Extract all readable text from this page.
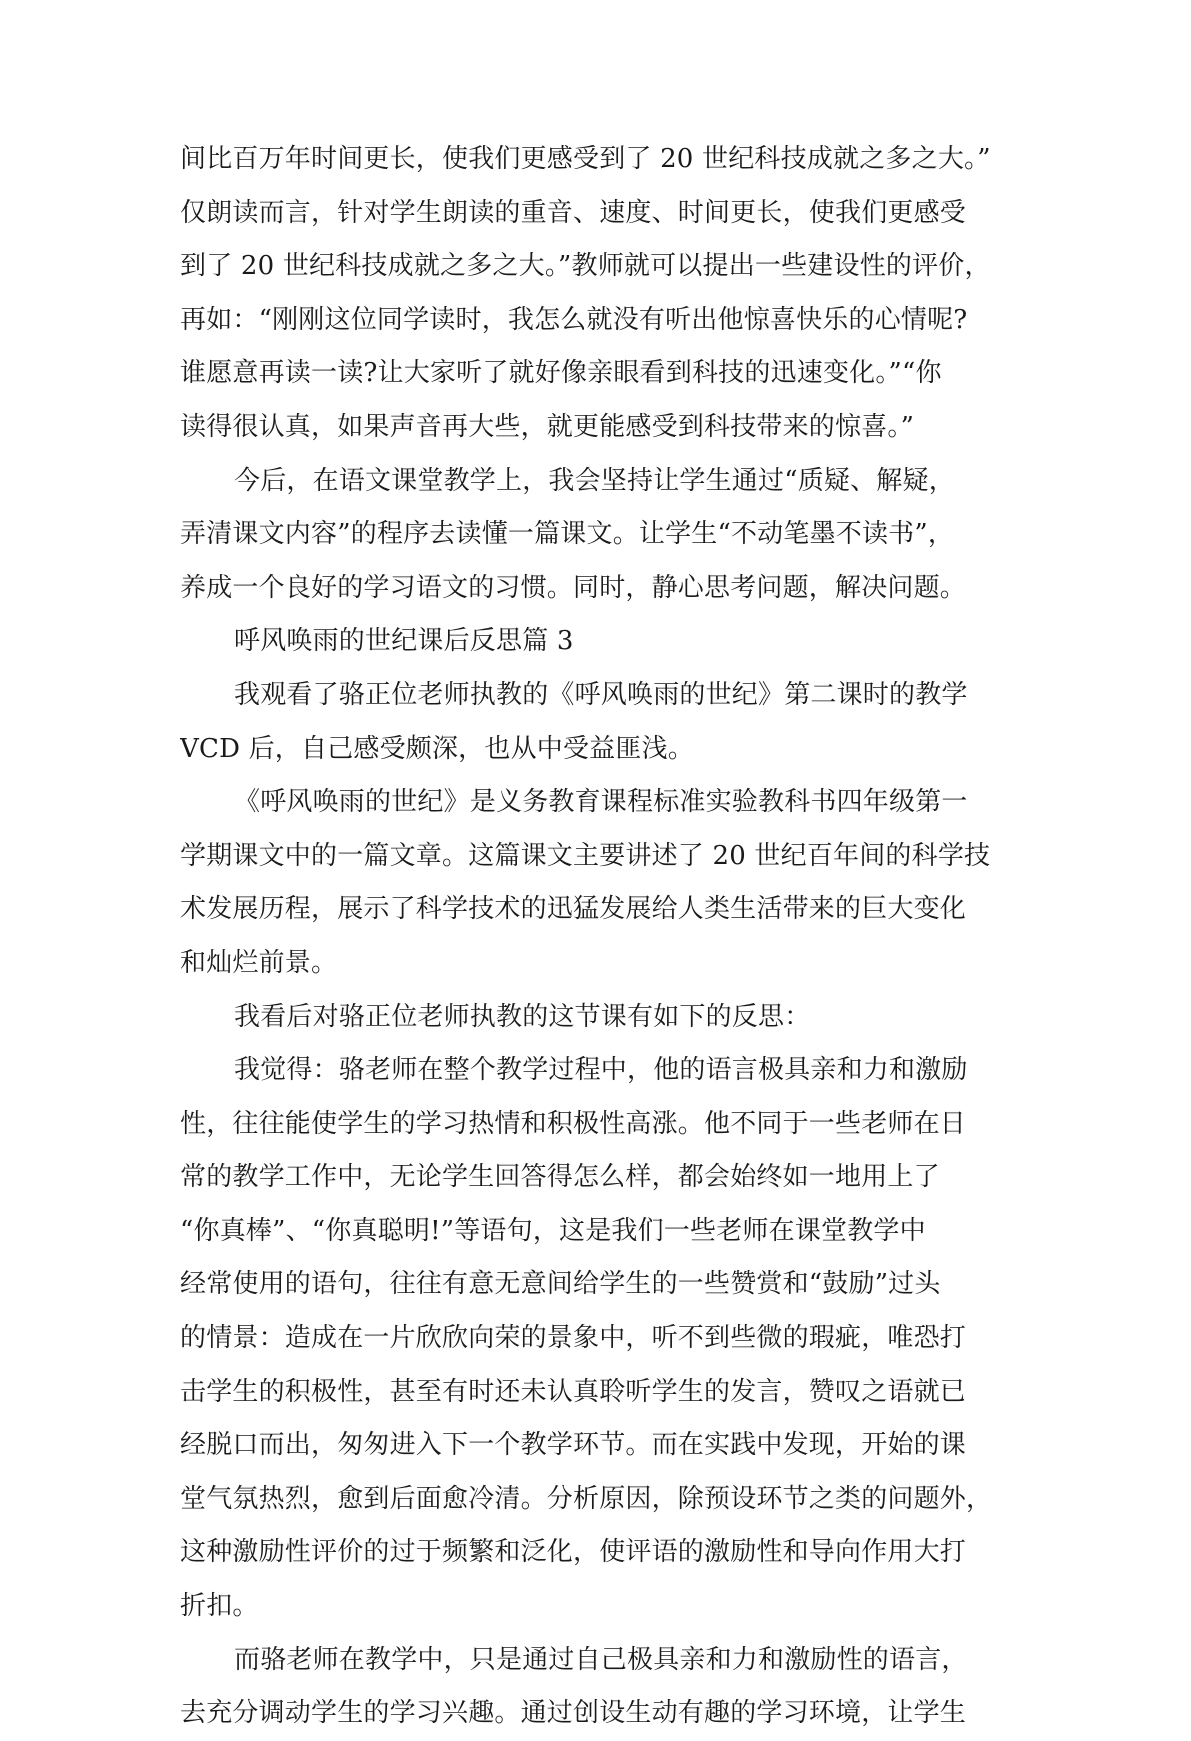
间比百万年时间更长，使我们更感受到了 20 世纪科技成就之多之大。”
仅朗读而言，针对学生朗读的重音、速度、时间更长，使我们更感受
到了 20 世纪科技成就之多之大。”教师就可以提出一些建设性的评价，
再如：“刚刚这位同学读时，我怎么就没有听出他惊喜快乐的心情呢?
谁愿意再读一读?让大家听了就好像亲眼看到科技的迅速变化。”“你
读得很认真，如果声音再大些，就更能感受到科技带来的惊喜。”
今后，在语文课堂教学上，我会坚持让学生通过“质疑、解疑，
弄清课文内容”的程序去读懂一篇课文。让学生“不动笔墨不读书”，
养成一个良好的学习语文的习惯。同时，静心思考问题，解决问题。
呼风唤雨的世纪课后反思篇 3
我观看了骆正位老师执教的《呼风唤雨的世纪》第二课时的教学
VCD 后，自己感受颇深，也从中受益匪浅。
《呼风唤雨的世纪》是义务教育课程标准实验教科书四年级第一
学期课文中的一篇文章。这篇课文主要讲述了 20 世纪百年间的科学技
术发展历程，展示了科学技术的迅猛发展给人类生活带来的巨大变化
和灿烂前景。
我看后对骆正位老师执教的这节课有如下的反思：
我觉得：骆老师在整个教学过程中，他的语言极具亲和力和激励
性，往往能使学生的学习热情和积极性高涨。他不同于一些老师在日
常的教学工作中，无论学生回答得怎么样，都会始终如一地用上了
“你真棒”、“你真聪明!”等语句，这是我们一些老师在课堂教学中
经常使用的语句，往往有意无意间给学生的一些赞赏和“鼓励”过头
的情景：造成在一片欣欣向荣的景象中，听不到些微的瑕疵，唯恐打
击学生的积极性，甚至有时还未认真聆听学生的发言，赞叹之语就已
经脱口而出，匆匆进入下一个教学环节。而在实践中发现，开始的课
堂气氛热烈，愈到后面愈冷清。分析原因，除预设环节之类的问题外，
这种激励性评价的过于频繁和泛化，使评语的激励性和导向作用大打
折扣。
而骆老师在教学中，只是通过自己极具亲和力和激励性的语言，
去充分调动学生的学习兴趣。通过创设生动有趣的学习环境，让学生
